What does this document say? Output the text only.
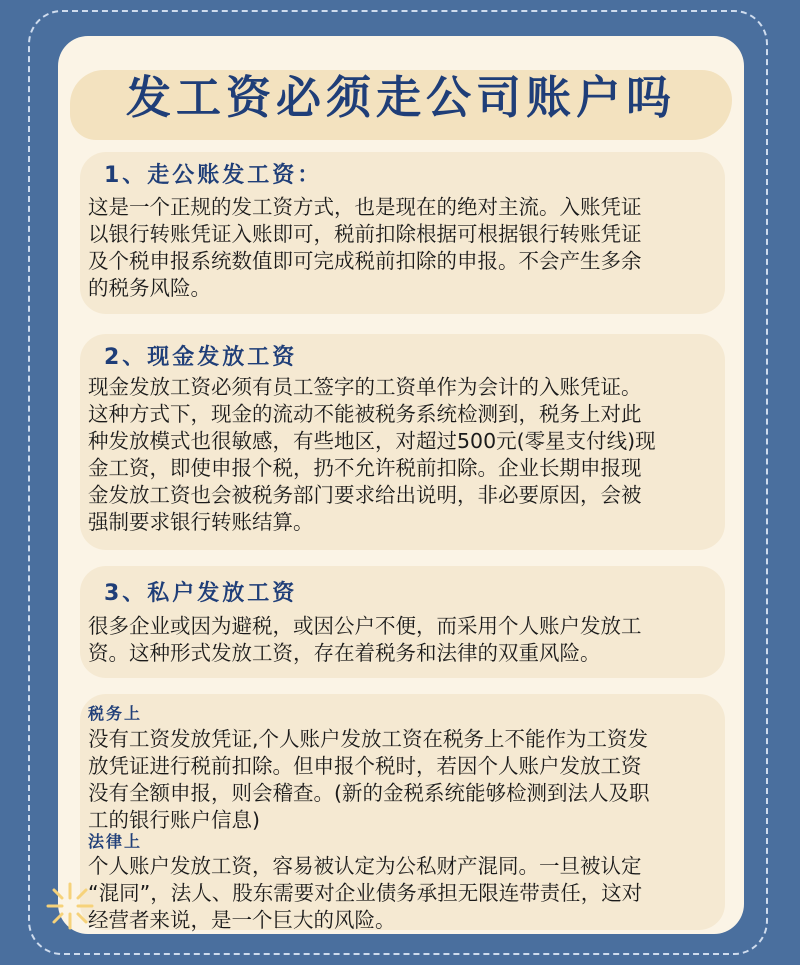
发工资必须走公司账户吗
1、走公账发工资：

这是一个正规的发工资方式，也是现在的绝对主流。入账凭证
以银行转账凭证入账即可，税前扣除根据可根据银行转账凭证
及个税申报系统数值即可完成税前扣除的申报。不会产生多余
的税务风险。

2、现金发放工资

现金发放工资必须有员工签字的工资单作为会计的入账凭证。
这种方式下，现金的流动不能被税务系统检测到，税务上对此
种发放模式也很敏感，有些地区，对超过500元(零星支付线)现
金工资，即使申报个税，扔不允许税前扣除。企业长期申报现
金发放工资也会被税务部门要求给出说明，非必要原因，会被
强制要求银行转账结算。

3、私户发放工资

很多企业或因为避税，或因公户不便，而采用个人账户发放工
资。这种形式发放工资，存在着税务和法律的双重风险。

税务上

没有工资发放凭证,个人账户发放工资在税务上不能作为工资发
放凭证进行税前扣除。但申报个税时，若因个人账户发放工资
没有全额申报，则会稽查。(新的金税系统能够检测到法人及职
工的银行账户信息)

法律上

个人账户发放工资，容易被认定为公私财产混同。一旦被认定
“混同”，法人、股东需要对企业债务承担无限连带责任，这对
经营者来说，是一个巨大的风险。
